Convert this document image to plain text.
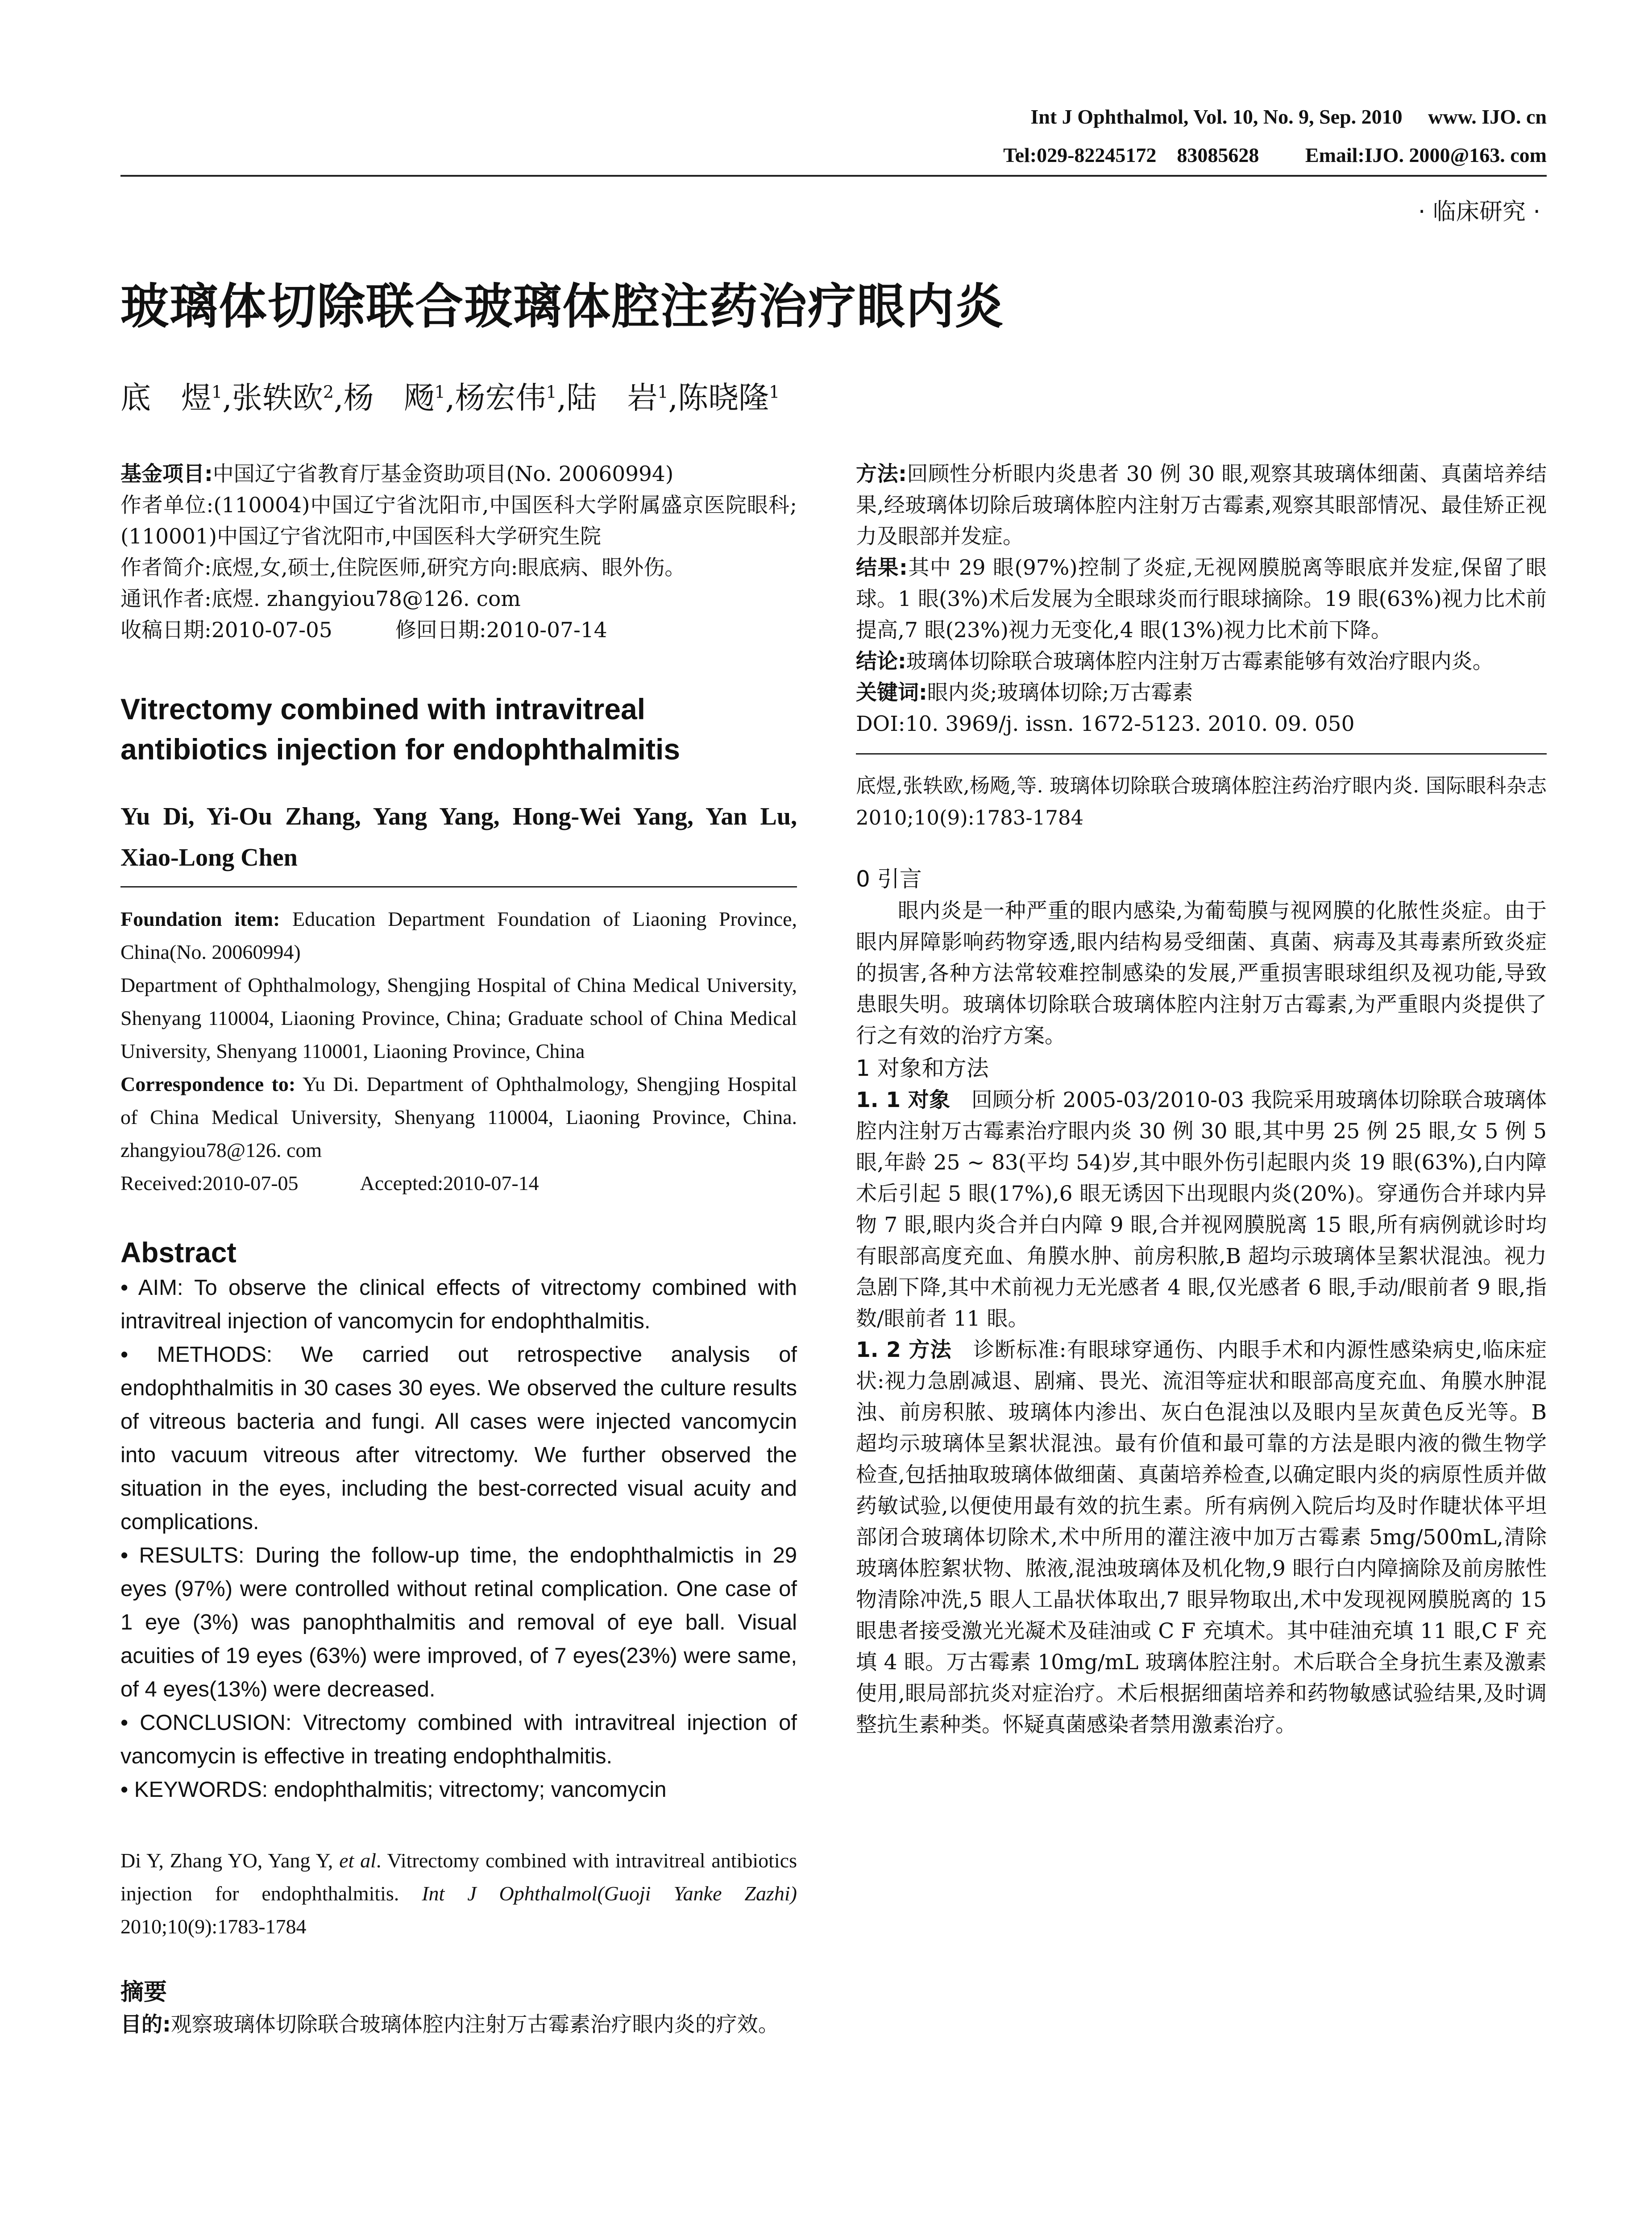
Int J Ophthalmol, Vol. 10, No. 9, Sep. 2010     www. IJO. cn
Tel:029-82245172    83085628         Email:IJO. 2000@163. com
· 临床研究 ·
玻璃体切除联合玻璃体腔注药治疗眼内炎
底　煜$^1$,张轶欧$^2$,杨　飏$^1$,杨宏伟$^1$,陆　岩$^1$,陈晓隆$^1$
基金项目:中国辽宁省教育厅基金资助项目(No. 20060994)
作者单位:(110004)中国辽宁省沈阳市,中国医科大学附属盛京医院眼科;(110001)中国辽宁省沈阳市,中国医科大学研究生院
作者简介:底煜,女,硕士,住院医师,研究方向:眼底病、眼外伤。
通讯作者:底煜. zhangyiou78@126. com
收稿日期:2010-07-05　　　修回日期:2010-07-14
Vitrectomy combined with intravitreal antibiotics injection for endophthalmitis
Yu Di, Yi-Ou Zhang, Yang Yang, Hong-Wei Yang, Yan Lu, Xiao-Long Chen
Foundation item: Education Department Foundation of Liaoning Province, China(No. 20060994)
Department of Ophthalmology, Shengjing Hospital of China Medical University, Shenyang 110004, Liaoning Province, China; Graduate school of China Medical University, Shenyang 110001, Liaoning Province, China
Correspondence to: Yu Di. Department of Ophthalmology, Shengjing Hospital of China Medical University, Shenyang 110004, Liaoning Province, China. zhangyiou78@126. com
Received:2010-07-05　　　Accepted:2010-07-14
Abstract
• AIM: To observe the clinical effects of vitrectomy combined with intravitreal injection of vancomycin for endophthalmitis.
• METHODS: We carried out retrospective analysis of endophthalmitis in 30 cases 30 eyes. We observed the culture results of vitreous bacteria and fungi. All cases were injected vancomycin into vacuum vitreous after vitrectomy. We further observed the situation in the eyes, including the best-corrected visual acuity and complications.
• RESULTS: During the follow-up time, the endophthalmictis in 29 eyes (97%) were controlled without retinal complication. One case of 1 eye (3%) was panophthalmitis and removal of eye ball. Visual acuities of 19 eyes (63%) were improved, of 7 eyes(23%) were same, of 4 eyes(13%) were decreased.
• CONCLUSION: Vitrectomy combined with intravitreal injection of vancomycin is effective in treating endophthalmitis.
• KEYWORDS: endophthalmitis; vitrectomy; vancomycin
Di Y, Zhang YO, Yang Y, et al. Vitrectomy combined with intravitreal antibiotics injection for endophthalmitis. Int J Ophthalmol(Guoji Yanke Zazhi) 2010;10(9):1783-1784
摘要
目的:观察玻璃体切除联合玻璃体腔内注射万古霉素治疗眼内炎的疗效。
方法:回顾性分析眼内炎患者 30 例 30 眼,观察其玻璃体细菌、真菌培养结果,经玻璃体切除后玻璃体腔内注射万古霉素,观察其眼部情况、最佳矫正视力及眼部并发症。
结果:其中 29 眼(97%)控制了炎症,无视网膜脱离等眼底并发症,保留了眼球。1 眼(3%)术后发展为全眼球炎而行眼球摘除。19 眼(63%)视力比术前提高,7 眼(23%)视力无变化,4 眼(13%)视力比术前下降。
结论:玻璃体切除联合玻璃体腔内注射万古霉素能够有效治疗眼内炎。
关键词:眼内炎;玻璃体切除;万古霉素
DOI:10. 3969/j. issn. 1672-5123. 2010. 09. 050
底煜,张轶欧,杨飏,等. 玻璃体切除联合玻璃体腔注药治疗眼内炎. 国际眼科杂志 2010;10(9):1783-1784
0 引言
眼内炎是一种严重的眼内感染,为葡萄膜与视网膜的化脓性炎症。由于眼内屏障影响药物穿透,眼内结构易受细菌、真菌、病毒及其毒素所致炎症的损害,各种方法常较难控制感染的发展,严重损害眼球组织及视功能,导致患眼失明。玻璃体切除联合玻璃体腔内注射万古霉素,为严重眼内炎提供了行之有效的治疗方案。
1 对象和方法
1. 1 对象　 回顾分析 2005-03/2010-03 我院采用玻璃体切除联合玻璃体腔内注射万古霉素治疗眼内炎 30 例 30 眼,其中男 25 例 25 眼,女 5 例 5 眼,年龄 25 ~ 83(平均 54)岁,其中眼外伤引起眼内炎 19 眼(63%),白内障术后引起 5 眼(17%),6 眼无诱因下出现眼内炎(20%)。穿通伤合并球内异物 7 眼,眼内炎合并白内障 9 眼,合并视网膜脱离 15 眼,所有病例就诊时均有眼部高度充血、角膜水肿、前房积脓,B 超均示玻璃体呈絮状混浊。视力急剧下降,其中术前视力无光感者 4 眼,仅光感者 6 眼,手动/眼前者 9 眼,指数/眼前者 11 眼。
1. 2 方法　 诊断标准:有眼球穿通伤、内眼手术和内源性感染病史,临床症状:视力急剧减退、剧痛、畏光、流泪等症状和眼部高度充血、角膜水肿混浊、前房积脓、玻璃体内渗出、灰白色混浊以及眼内呈灰黄色反光等。B 超均示玻璃体呈絮状混浊。最有价值和最可靠的方法是眼内液的微生物学检查,包括抽取玻璃体做细菌、真菌培养检查,以确定眼内炎的病原性质并做药敏试验,以便使用最有效的抗生素。所有病例入院后均及时作睫状体平坦部闭合玻璃体切除术,术中所用的灌注液中加万古霉素 5mg/500mL,清除玻璃体腔絮状物、脓液,混浊玻璃体及机化物,9 眼行白内障摘除及前房脓性物清除冲洗,5 眼人工晶状体取出,7 眼异物取出,术中发现视网膜脱离的 15 眼患者接受激光光凝术及硅油或 C F 充填术。其中硅油充填 11 眼,C F 充填 4 眼。万古霉素 10mg/mL 玻璃体腔注射。术后联合全身抗生素及激素使用,眼局部抗炎对症治疗。术后根据细菌培养和药物敏感试验结果,及时调整抗生素种类。怀疑真菌感染者禁用激素治疗。
